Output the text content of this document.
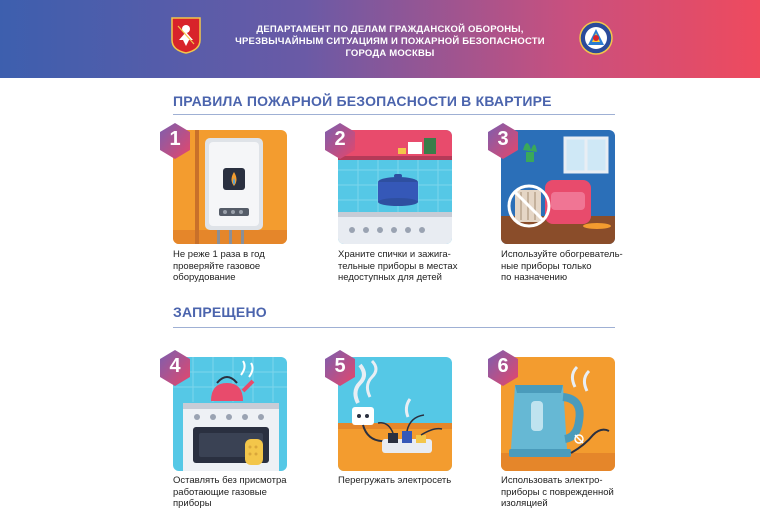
ДЕПАРТАМЕНТ ПО ДЕЛАМ ГРАЖДАНСКОЙ ОБОРОНЫ,
ЧРЕЗВЫЧАЙНЫМ СИТУАЦИЯМ И ПОЖАРНОЙ БЕЗОПАСНОСТИ
ГОРОДА МОСКВЫ
ПРАВИЛА ПОЖАРНОЙ БЕЗОПАСНОСТИ В КВАРТИРЕ
1
Не реже 1 раза в год
проверяйте газовое
оборудование
2
Храните спички и зажига-
тельные приборы в местах
недоступных для детей
3
Используйте обогреватель-
ные приборы только
по назначению
ЗАПРЕЩЕНО
4
Оставлять без присмотра
работающие газовые
приборы
5
Перегружать электросеть
6
Использовать электро-
приборы с поврежденной
изоляцией
